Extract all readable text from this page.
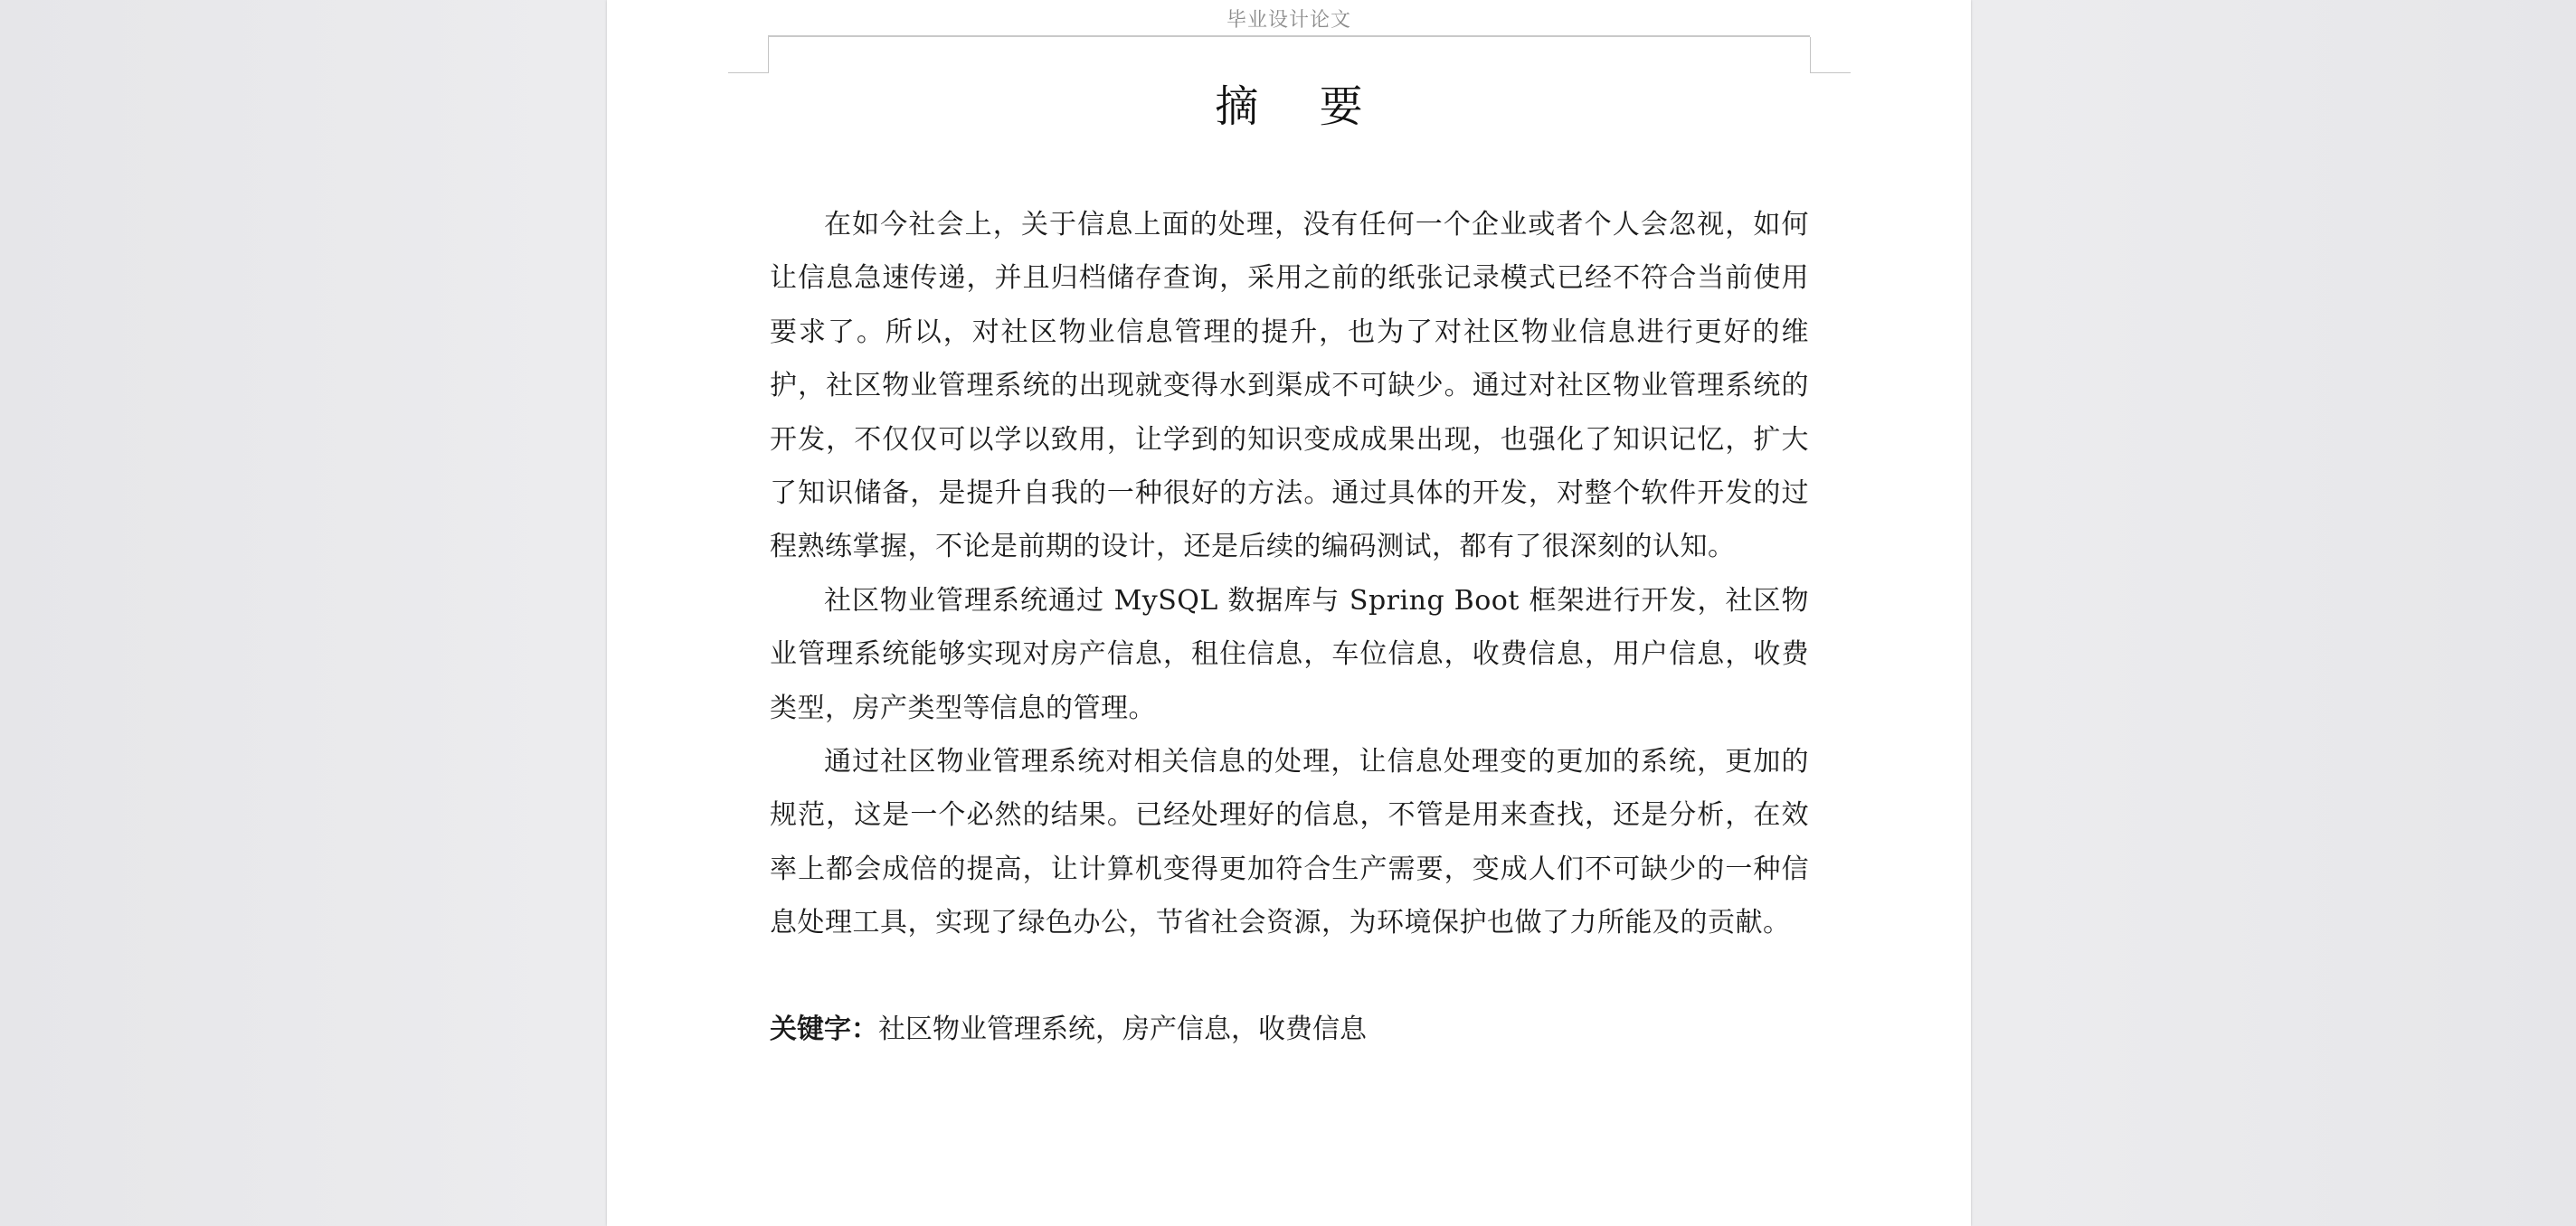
毕业设计论文
摘 要

在如今社会上，关于信息上面的处理，没有任何一个企业或者个人会忽视，如何让信息急速传递，并且归档储存查询，采用之前的纸张记录模式已经不符合当前使用要求了。所以，对社区物业信息管理的提升，也为了对社区物业信息进行更好的维护，社区物业管理系统的出现就变得水到渠成不可缺少。通过对社区物业管理系统的开发，不仅仅可以学以致用，让学到的知识变成成果出现，也强化了知识记忆，扩大了知识储备，是提升自我的一种很好的方法。通过具体的开发，对整个软件开发的过程熟练掌握，不论是前期的设计，还是后续的编码测试，都有了很深刻的认知。

社区物业管理系统通过 MySQL 数据库与 Spring Boot 框架进行开发，社区物业管理系统能够实现对房产信息，租住信息，车位信息，收费信息，用户信息，收费类型，房产类型等信息的管理。

通过社区物业管理系统对相关信息的处理，让信息处理变的更加的系统，更加的规范，这是一个必然的结果。已经处理好的信息，不管是用来查找，还是分析，在效率上都会成倍的提高，让计算机变得更加符合生产需要，变成人们不可缺少的一种信息处理工具，实现了绿色办公，节省社会资源，为环境保护也做了力所能及的贡献。

关键字：社区物业管理系统，房产信息，收费信息
